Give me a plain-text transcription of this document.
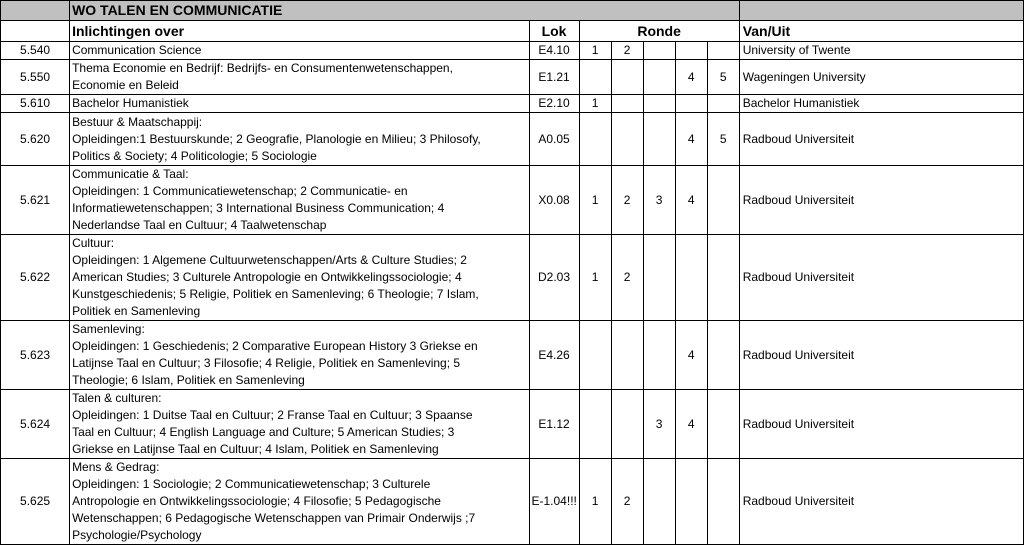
	WO TALEN EN COMMUNICATIE							
	Inlichtingen over	Lok	Ronde					Van/Uit
5.540	Communication Science	E4.10	1	2				University of Twente
5.550	Thema Economie en Bedrijf: Bedrijfs- en Consumentenwetenschappen,
Economie en Beleid	E1.21				4	5	Wageningen University
5.610	Bachelor Humanistiek	E2.10	1					Bachelor Humanistiek
5.620	Bestuur & Maatschappij:
Opleidingen:1 Bestuurskunde; 2 Geografie, Planologie en Milieu; 3 Philosofy,
Politics & Society; 4 Politicologie; 5 Sociologie	A0.05				4	5	Radboud Universiteit
5.621	Communicatie & Taal:
Opleidingen: 1 Communicatiewetenschap; 2 Communicatie- en
Informatiewetenschappen; 3 International Business Communication; 4
Nederlandse Taal en Cultuur; 4 Taalwetenschap	X0.08	1	2	3	4		Radboud Universiteit
5.622	Cultuur:
Opleidingen: 1 Algemene Cultuurwetenschappen/Arts & Culture Studies; 2
American Studies; 3 Culturele Antropologie en Ontwikkelingssociologie; 4
Kunstgeschiedenis; 5 Religie, Politiek en Samenleving; 6 Theologie; 7 Islam,
Politiek en Samenleving	D2.03	1	2				Radboud Universiteit
5.623	Samenleving:
Opleidingen: 1 Geschiedenis; 2 Comparative European History 3 Griekse en
Latijnse Taal en Cultuur; 3 Filosofie; 4 Religie, Politiek en Samenleving; 5
Theologie; 6 Islam, Politiek en Samenleving	E4.26				4		Radboud Universiteit
5.624	Talen & culturen:
Opleidingen: 1 Duitse Taal en Cultuur; 2 Franse Taal en Cultuur; 3 Spaanse
Taal en Cultuur; 4 English Language and Culture; 5 American Studies; 3
Griekse en Latijnse Taal en Cultuur; 4 Islam, Politiek en Samenleving	E1.12			3	4		Radboud Universiteit
5.625	Mens & Gedrag:
Opleidingen: 1 Sociologie; 2 Communicatiewetenschap; 3 Culturele
Antropologie en Ontwikkelingssociologie; 4 Filosofie; 5 Pedagogische
Wetenschappen; 6 Pedagogische Wetenschappen van Primair Onderwijs ;7
Psychologie/Psychology	E-1.04!!!	1	2				Radboud Universiteit
